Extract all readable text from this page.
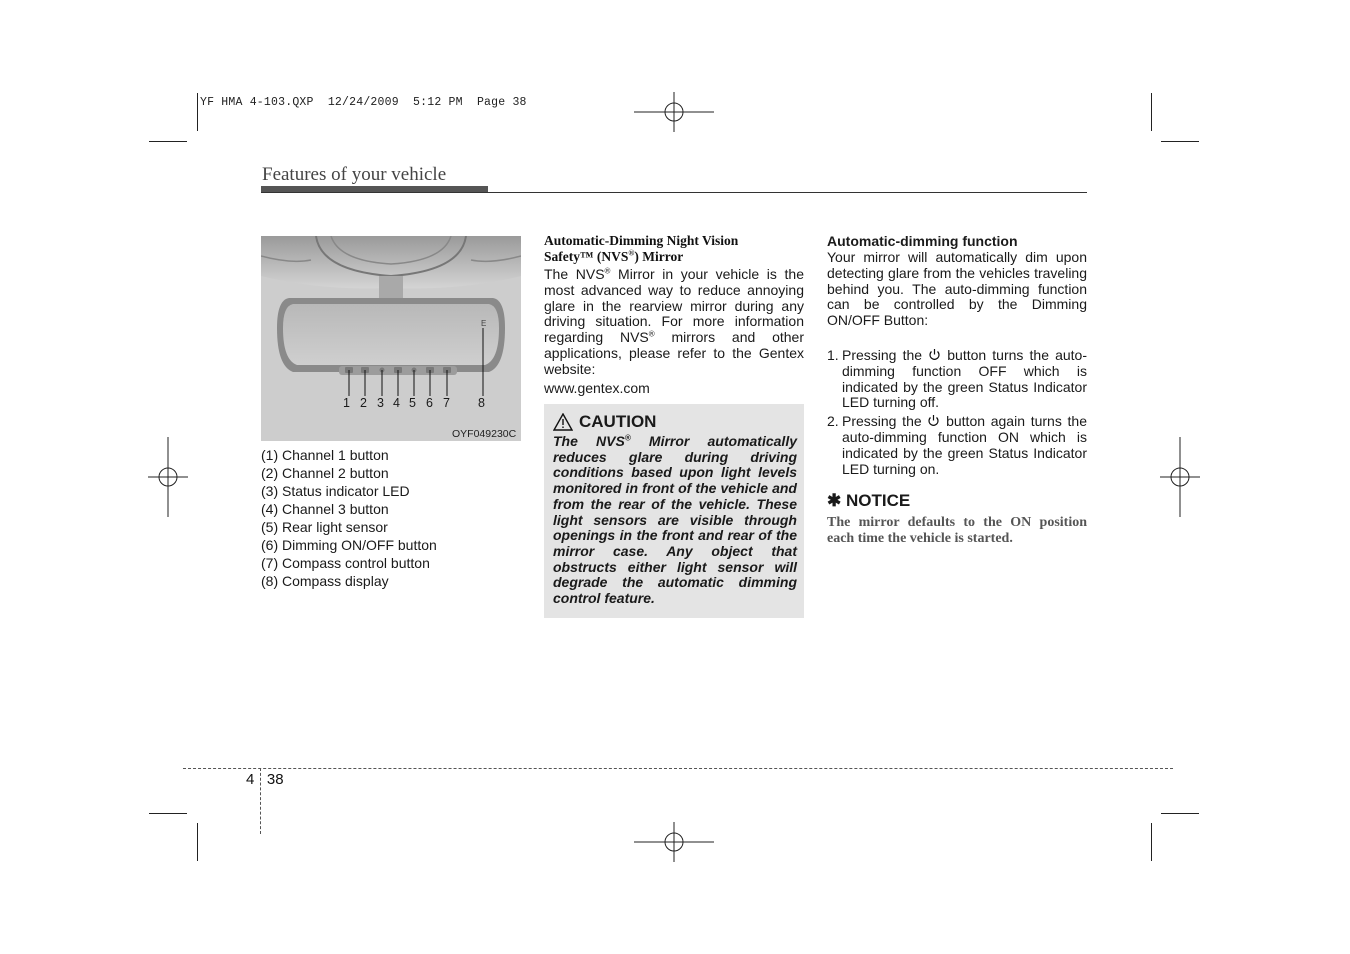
YF HMA 4-103.QXP  12/24/2009  5:12 PM  Page 38
Features of your vehicle
E
1 2 3 4 5 6 7 8
OYF049230C
(1) Channel 1 button
(2) Channel 2 button
(3) Status indicator LED
(4) Channel 3 button
(5) Rear light sensor
(6) Dimming ON/OFF button
(7) Compass control button
(8) Compass display
Automatic-Dimming Night Vision
Safety™ (NVS®) Mirror

The NVS® Mirror in your vehicle is the most advanced way to reduce annoying glare in the rearview mirror during any driving situation. For more information regarding NVS® mirrors and other applications, please refer to the Gentex website:

www.gentex.com

CAUTION
The NVS® Mirror automatically reduces glare during driving conditions based upon light levels monitored in front of the vehicle and from the rear of the vehicle. These light sensors are visible through openings in the front and rear of the mirror case. Any object that obstructs either light sensor will degrade the automatic dimming control feature.
Automatic-dimming function

Your mirror will automatically dim upon detecting glare from the vehicles traveling behind you. The auto-dimming function can be controlled by the Dimming ON/OFF Button:

1. Pressing the  button turns the auto-dimming function OFF which is indicated by the green Status Indicator LED turning off.
2. Pressing the  button again turns the auto-dimming function ON which is indicated by the green Status Indicator LED turning on.
✱ NOTICE
The mirror defaults to the ON position each time the vehicle is started.
4 38
